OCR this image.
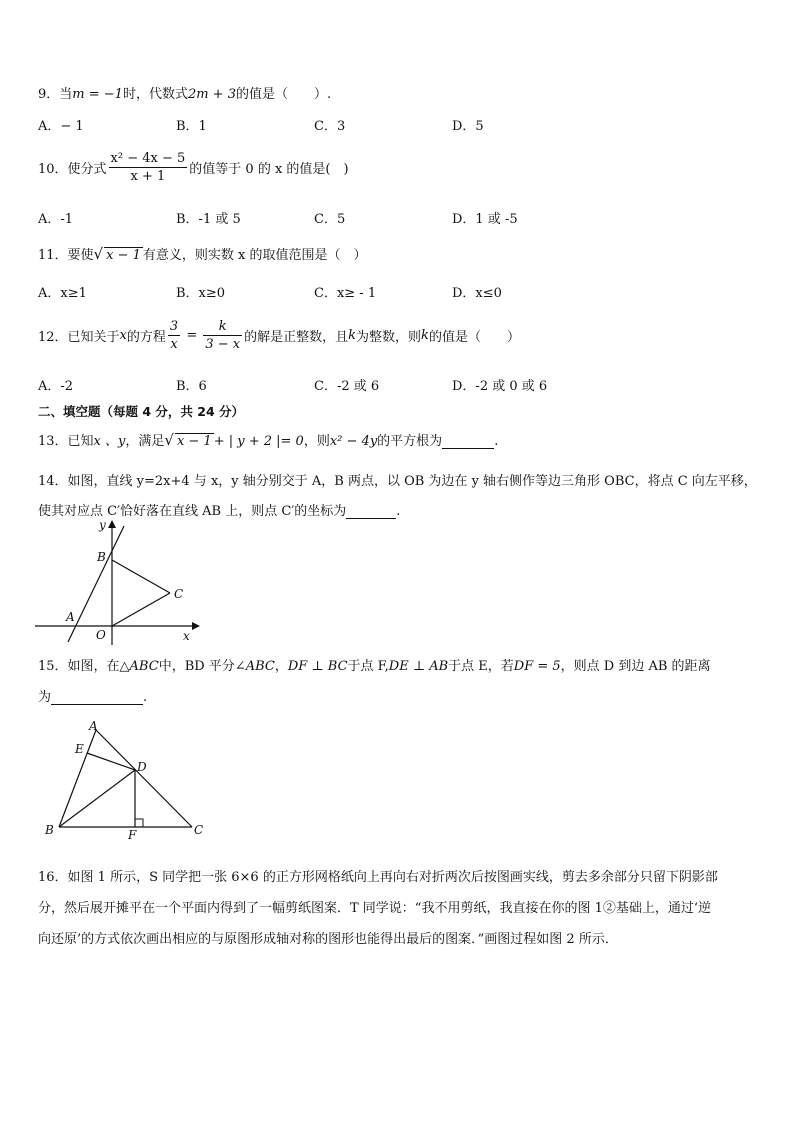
9．当m = −1时，代数式2m + 3的值是（　　）.
A．− 1	B．1	C．3	D．5
10．使分式 $\frac{\text{x² − 4x − 5}}{x + 1}$ 的值等于 0 的 x 的值是(　)
A．-1	B．-1 或 5	C．5	D．1 或 -5
11．要使√ x − 1 有意义，则实数 x 的取值范围是（　）
A．x≥1	B．x≥0	C．x≥ - 1	D．x≤0
12．已知关于x的方程 $\frac{3}{x} = \frac{k}{3 - x}$ 的解是正整数，且k为整数，则k的值是（　　）
A．-2	B．6	C．-2 或 6	D．-2 或 0 或 6
二、填空题（每题 4 分，共 24 分）
13．已知x 、y，满足√ x − 1 + | y + 2 |= 0，则x² − 4y的平方根为	.
14．如图，直线 y=2x+4 与 x，y 轴分别交于 A，B 两点，以 OB 为边在 y 轴右侧作等边三角形 OBC，将点 C 向左平移，
使其对应点 C′恰好落在直线 AB 上，则点 C′的坐标为	.
y
B
C
A
O	x
15．如图，在△ABC中，BD 平分∠ABC，DF ⊥ BC于点 F,DE ⊥ AB于点 E，若DF = 5，则点 D 到边 AB 的距离
为	.
A
E
D
B	F	C
16．如图 1 所示，S 同学把一张 6×6 的正方形网格纸向上再向右对折两次后按图画实线，剪去多余部分只留下阴影部
分，然后展开摊平在一个平面内得到了一幅剪纸图案．T 同学说：“我不用剪纸，我直接在你的图 1②基础上，通过‘逆
向还原’的方式依次画出相应的与原图形成轴对称的图形也能得出最后的图案．”画图过程如图 2 所示．
